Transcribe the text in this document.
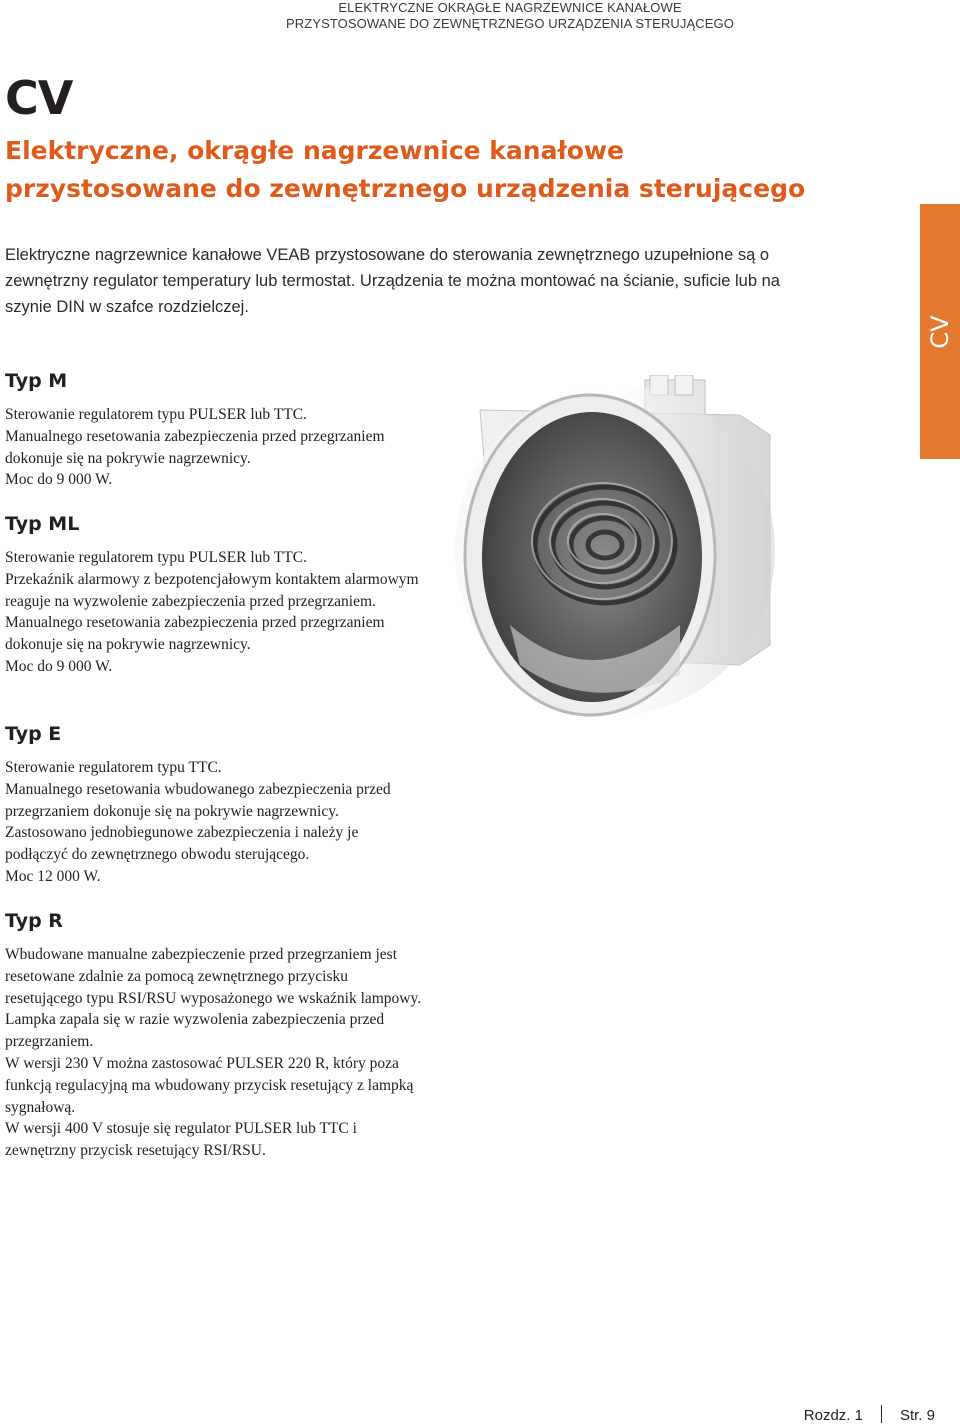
ELEKTRYCZNE OKRĄGŁE NAGRZEWNICE KANAŁOWE
PRZYSTOSOWANE DO ZEWNĘTRZNEGO URZĄDZENIA STERUJĄCEGO
CV
Elektryczne, okrągłe nagrzewnice kanałowe
przystosowane do zewnętrznego urządzenia sterującego

Elektryczne nagrzewnice kanałowe VEAB przystosowane do sterowania zewnętrznego uzupełnione są o zewnętrzny regulator temperatury lub termostat. Urządzenia te można montować na ścianie, suficie lub na szynie DIN w szafce rozdzielczej.

CV
Typ M
Sterowanie regulatorem typu PULSER lub TTC.
Manualnego resetowania zabezpieczenia przed przegrzaniem dokonuje się na pokrywie nagrzewnicy.
Moc do 9 000 W.
Typ ML
Sterowanie regulatorem typu PULSER lub TTC.
Przekaźnik alarmowy z bezpotencjałowym kontaktem alarmowym reaguje na wyzwolenie zabezpieczenia przed przegrzaniem.
Manualnego resetowania zabezpieczenia przed przegrzaniem dokonuje się na pokrywie nagrzewnicy.
Moc do 9 000 W.
Typ E
Sterowanie regulatorem typu TTC.
Manualnego resetowania wbudowanego zabezpieczenia przed przegrzaniem dokonuje się na pokrywie nagrzewnicy.
Zastosowano jednobiegunowe zabezpieczenia i należy je podłączyć do zewnętrznego obwodu sterującego.
Moc 12 000 W.
Typ R
Wbudowane manualne zabezpieczenie przed przegrzaniem jest resetowane zdalnie za pomocą zewnętrznego przycisku resetującego typu RSI/RSU wyposażonego we wskaźnik lampowy.
Lampka zapala się w razie wyzwolenia zabezpieczenia przed przegrzaniem.
W wersji 230 V można zastosować PULSER 220 R, który poza funkcją regulacyjną ma wbudowany przycisk resetujący z lampką sygnałową.
W wersji 400 V stosuje się regulator PULSER lub TTC i zewnętrzny przycisk resetujący RSI/RSU.
Rozdz. 1 Str. 9
